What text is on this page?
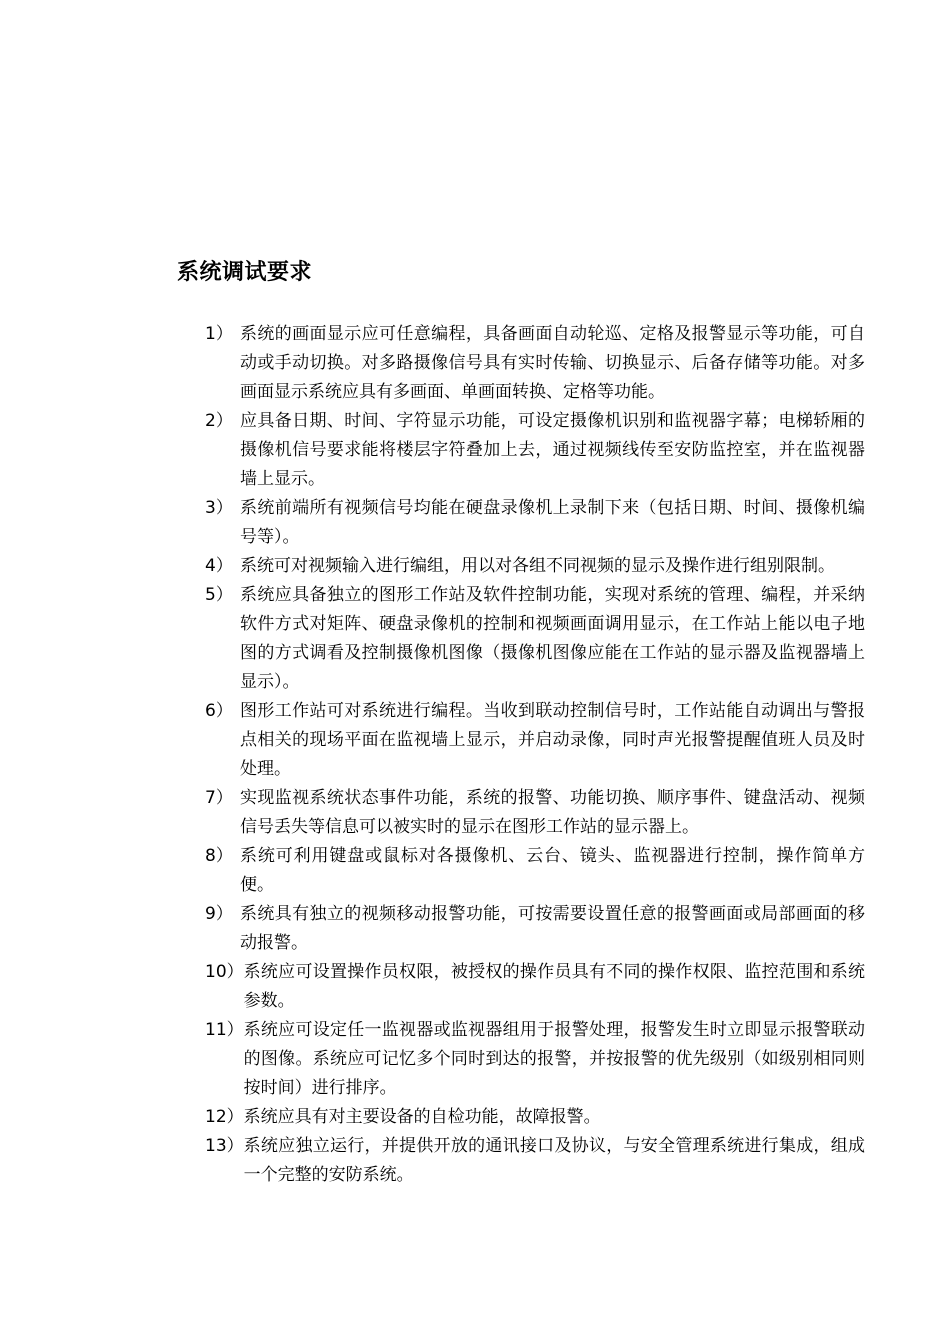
系统调试要求
1） 系统的画面显示应可任意编程，具备画面自动轮巡、定格及报警显示等功能，可自动或手动切换。对多路摄像信号具有实时传输、切换显示、后备存储等功能。对多画面显示系统应具有多画面、单画面转换、定格等功能。
2） 应具备日期、时间、字符显示功能，可设定摄像机识别和监视器字幕；电梯轿厢的摄像机信号要求能将楼层字符叠加上去，通过视频线传至安防监控室，并在监视器墙上显示。
3） 系统前端所有视频信号均能在硬盘录像机上录制下来（包括日期、时间、摄像机编号等）。
4） 系统可对视频输入进行编组，用以对各组不同视频的显示及操作进行组别限制。
5） 系统应具备独立的图形工作站及软件控制功能，实现对系统的管理、编程，并采纳软件方式对矩阵、硬盘录像机的控制和视频画面调用显示，在工作站上能以电子地图的方式调看及控制摄像机图像（摄像机图像应能在工作站的显示器及监视器墙上显示）。
6） 图形工作站可对系统进行编程。当收到联动控制信号时，工作站能自动调出与警报点相关的现场平面在监视墙上显示，并启动录像，同时声光报警提醒值班人员及时处理。
7） 实现监视系统状态事件功能，系统的报警、功能切换、顺序事件、键盘活动、视频信号丢失等信息可以被实时的显示在图形工作站的显示器上。
8） 系统可利用键盘或鼠标对各摄像机、云台、镜头、监视器进行控制，操作简单方便。
9） 系统具有独立的视频移动报警功能，可按需要设置任意的报警画面或局部画面的移动报警。
10） 系统应可设置操作员权限，被授权的操作员具有不同的操作权限、监控范围和系统参数。
11） 系统应可设定任一监视器或监视器组用于报警处理，报警发生时立即显示报警联动的图像。系统应可记忆多个同时到达的报警，并按报警的优先级别（如级别相同则按时间）进行排序。
12） 系统应具有对主要设备的自检功能，故障报警。
13） 系统应独立运行，并提供开放的通讯接口及协议，与安全管理系统进行集成，组成一个完整的安防系统。
